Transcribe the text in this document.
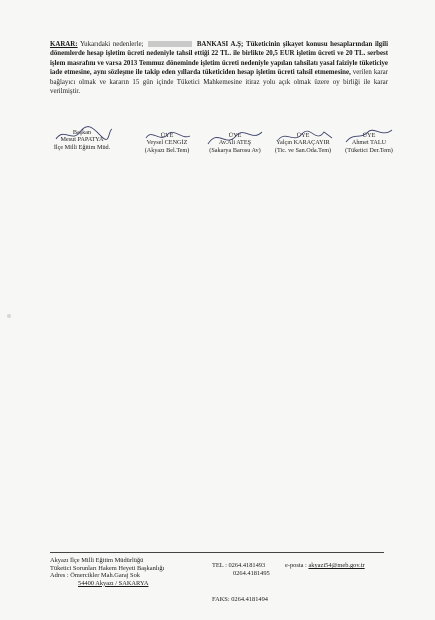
KARAR: Yukarıdaki nedenlerle;	BANKASI A.Ş; Tüketicinin şikayet konusu hesaplarından ilgili dönemlerde hesap işletim ücreti nedeniyle tahsil ettiği 22 TL. ile birlikte 20,5 EUR işletim ücreti ve 20 TL. serbest işlem masrafını ve varsa 2013 Temmuz döneminde işletim ücreti nedeniyle yapılan tahsilatı yasal faiziyle tüketiciye iade etmesine, aynı sözleşme ile takip eden yıllarda tüketiciden hesap işletim ücreti tahsil etmemesine, verilen karar bağlayıcı olmak ve kararın 15 gün içinde Tüketici Mahkemesine itiraz yolu açık olmak üzere oy birliği ile karar verilmiştir.
Başkan
Mesut PAPATYA
İlçe Milli Eğitim Müd.
ÜYE
Veysel CENGİZ
(Akyazı Bel.Tem)
ÜYE
Av.Ali ATEŞ
(Sakarya Barosu Av)
ÜYE
Yalçın KARAÇAYIR
(Tic. ve San.Oda.Tem)
ÜYE
Ahmet TALU
(Tüketici Der.Tem)
Akyazı İlçe Milli Eğitim Müdürlüğü
Tüketici Sorunları Hakem Heyeti Başkanlığı
Adres : Ömercikler Mah.Garaj Sok
54400 Akyazı / SAKARYA
TEL : 0264.4181493
0264.4181495
FAKS: 0264.4181494
e-posta : akyazi54@meb.gov.tr
